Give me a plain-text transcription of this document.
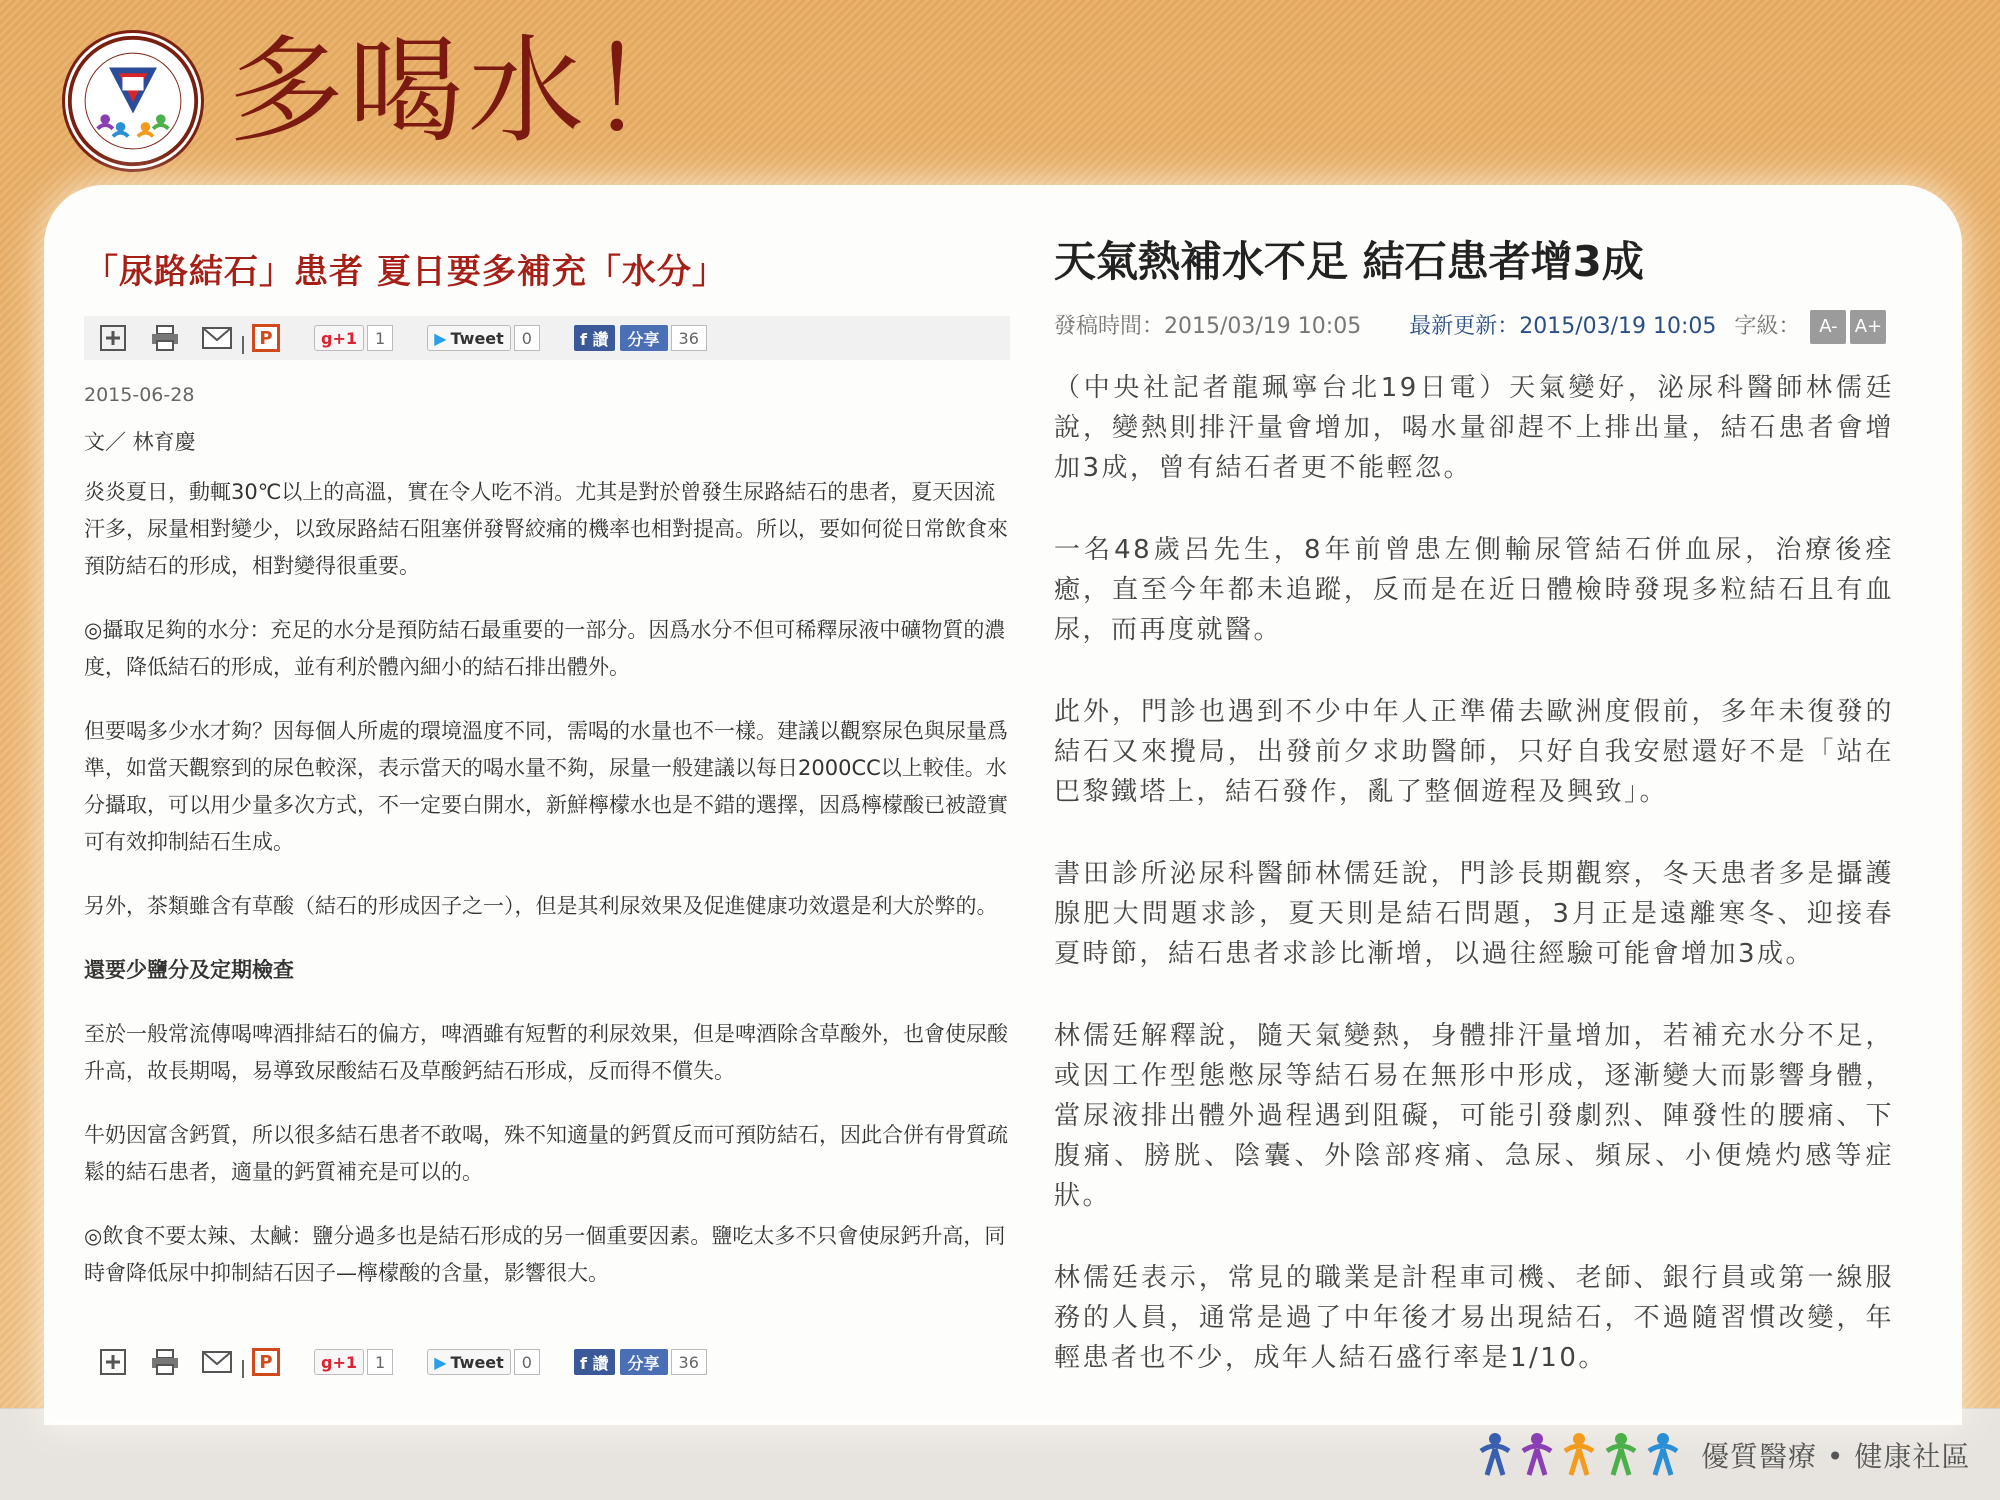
多喝水！
「尿路結石」患者 夏日要多補充「水分」
P	g+1	1	▶ Tweet	0	f 讚	分享	36
2015-06-28
文／ 林育慶

炎炎夏日，動輒30℃以上的高溫，實在令人吃不消。尤其是對於曾發生尿路結石的患者，夏天因流汗多，尿量相對變少，以致尿路結石阻塞併發腎絞痛的機率也相對提高。所以，要如何從日常飲食來預防結石的形成，相對變得很重要。

◎攝取足夠的水分：充足的水分是預防結石最重要的一部分。因爲水分不但可稀釋尿液中礦物質的濃度，降低結石的形成，並有利於體內細小的結石排出體外。

但要喝多少水才夠？因每個人所處的環境溫度不同，需喝的水量也不一樣。建議以觀察尿色與尿量爲準，如當天觀察到的尿色較深，表示當天的喝水量不夠，尿量一般建議以每日2000CC以上較佳。水分攝取，可以用少量多次方式，不一定要白開水，新鮮檸檬水也是不錯的選擇，因爲檸檬酸已被證實可有效抑制結石生成。

另外，茶類雖含有草酸（結石的形成因子之一），但是其利尿效果及促進健康功效還是利大於弊的。

還要少鹽分及定期檢查

至於一般常流傳喝啤酒排結石的偏方，啤酒雖有短暫的利尿效果，但是啤酒除含草酸外，也會使尿酸升高，故長期喝，易導致尿酸結石及草酸鈣結石形成，反而得不償失。

牛奶因富含鈣質，所以很多結石患者不敢喝，殊不知適量的鈣質反而可預防結石，因此合併有骨質疏鬆的結石患者，適量的鈣質補充是可以的。

◎飲食不要太辣、太鹹：鹽分過多也是結石形成的另一個重要因素。鹽吃太多不只會使尿鈣升高，同時會降低尿中抑制結石因子—檸檬酸的含量，影響很大。

P	g+1	1	▶ Tweet	0	f 讚	分享	36
天氣熱補水不足 結石患者增3成
發稿時間：2015/03/19 10:05 最新更新：2015/03/19 10:05 字級：	A- A+

（中央社記者龍珮寧台北19日電）天氣變好，泌尿科醫師林儒廷說，變熱則排汗量會增加，喝水量卻趕不上排出量，結石患者會增加3成，曾有結石者更不能輕忽。

一名48歲呂先生，8年前曾患左側輸尿管結石併血尿，治療後痊癒，直至今年都未追蹤，反而是在近日體檢時發現多粒結石且有血尿，而再度就醫。

此外，門診也遇到不少中年人正準備去歐洲度假前，多年未復發的結石又來攪局，出發前夕求助醫師，只好自我安慰還好不是「站在巴黎鐵塔上，結石發作，亂了整個遊程及興致」。

書田診所泌尿科醫師林儒廷說，門診長期觀察，冬天患者多是攝護腺肥大問題求診，夏天則是結石問題，3月正是遠離寒冬、迎接春夏時節，結石患者求診比漸增，以過往經驗可能會增加3成。

林儒廷解釋說，隨天氣變熱，身體排汗量增加，若補充水分不足，或因工作型態憋尿等結石易在無形中形成，逐漸變大而影響身體，當尿液排出體外過程遇到阻礙，可能引發劇烈、陣發性的腰痛、下腹痛、膀胱、陰囊、外陰部疼痛、急尿、頻尿、小便燒灼感等症狀。

林儒廷表示，常見的職業是計程車司機、老師、銀行員或第一線服務的人員，通常是過了中年後才易出現結石，不過隨習慣改變，年輕患者也不少，成年人結石盛行率是1/10。

優質醫療 • 健康社區
